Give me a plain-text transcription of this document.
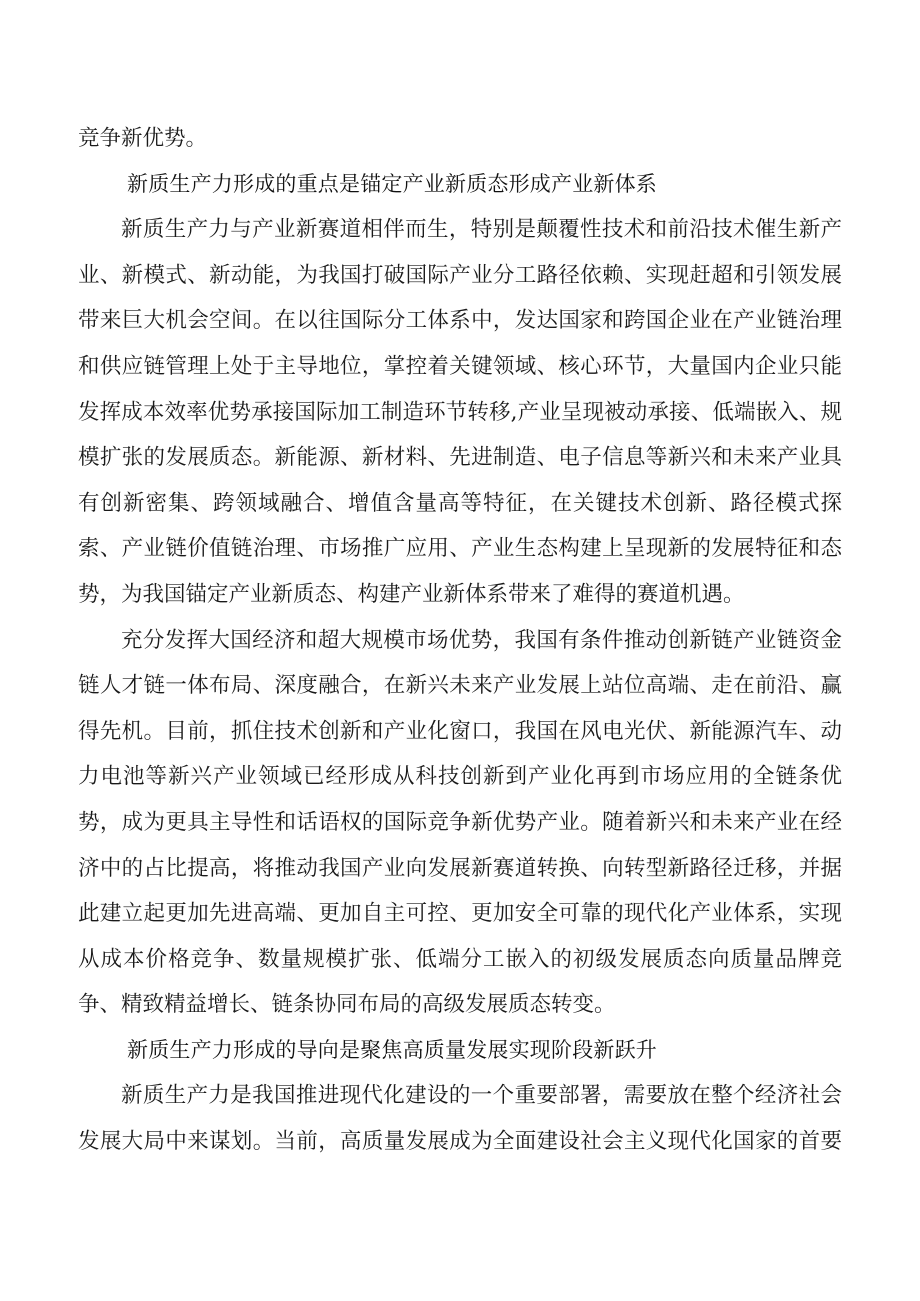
竞争新优势。
新质生产力形成的重点是锚定产业新质态形成产业新体系
新质生产力与产业新赛道相伴而生，特别是颠覆性技术和前沿技术催生新产
业、新模式、新动能，为我国打破国际产业分工路径依赖、实现赶超和引领发展
带来巨大机会空间。在以往国际分工体系中，发达国家和跨国企业在产业链治理
和供应链管理上处于主导地位，掌控着关键领域、核心环节，大量国内企业只能
发挥成本效率优势承接国际加工制造环节转移,产业呈现被动承接、低端嵌入、规
模扩张的发展质态。新能源、新材料、先进制造、电子信息等新兴和未来产业具
有创新密集、跨领域融合、增值含量高等特征，在关键技术创新、路径模式探
索、产业链价值链治理、市场推广应用、产业生态构建上呈现新的发展特征和态
势，为我国锚定产业新质态、构建产业新体系带来了难得的赛道机遇。
充分发挥大国经济和超大规模市场优势，我国有条件推动创新链产业链资金
链人才链一体布局、深度融合，在新兴未来产业发展上站位高端、走在前沿、赢
得先机。目前，抓住技术创新和产业化窗口，我国在风电光伏、新能源汽车、动
力电池等新兴产业领域已经形成从科技创新到产业化再到市场应用的全链条优
势，成为更具主导性和话语权的国际竞争新优势产业。随着新兴和未来产业在经
济中的占比提高，将推动我国产业向发展新赛道转换、向转型新路径迁移，并据
此建立起更加先进高端、更加自主可控、更加安全可靠的现代化产业体系，实现
从成本价格竞争、数量规模扩张、低端分工嵌入的初级发展质态向质量品牌竞
争、精致精益增长、链条协同布局的高级发展质态转变。
新质生产力形成的导向是聚焦高质量发展实现阶段新跃升
新质生产力是我国推进现代化建设的一个重要部署，需要放在整个经济社会
发展大局中来谋划。当前，高质量发展成为全面建设社会主义现代化国家的首要
